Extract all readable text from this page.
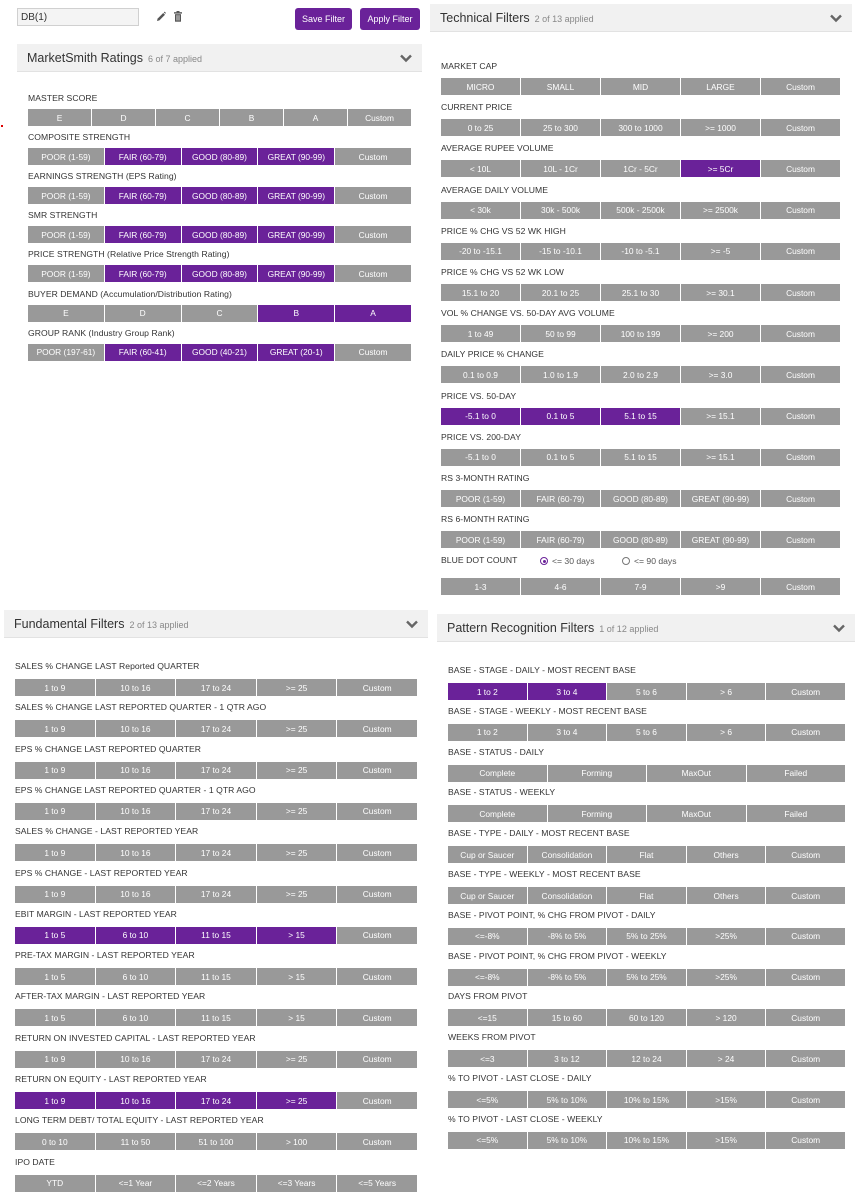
DB(1)
Save Filter	Apply Filter
MarketSmith Ratings 6 of 7 applied
MASTER SCORE
E	D	C	B	A	Custom
COMPOSITE STRENGTH
POOR (1-59)	FAIR (60-79)	GOOD (80-89)	GREAT (90-99)	Custom
EARNINGS STRENGTH (EPS Rating)
POOR (1-59)	FAIR (60-79)	GOOD (80-89)	GREAT (90-99)	Custom
SMR STRENGTH
POOR (1-59)	FAIR (60-79)	GOOD (80-89)	GREAT (90-99)	Custom
PRICE STRENGTH (Relative Price Strength Rating)
POOR (1-59)	FAIR (60-79)	GOOD (80-89)	GREAT (90-99)	Custom
BUYER DEMAND (Accumulation/Distribution Rating)
E	D	C	B	A
GROUP RANK (Industry Group Rank)
POOR (197-61)	FAIR (60-41)	GOOD (40-21)	GREAT (20-1)	Custom
Technical Filters 2 of 13 applied
MARKET CAP
MICRO	SMALL	MID	LARGE	Custom
CURRENT PRICE
0 to 25	25 to 300	300 to 1000	>= 1000	Custom
AVERAGE RUPEE VOLUME
< 10L	10L - 1Cr	1Cr - 5Cr	>= 5Cr	Custom
AVERAGE DAILY VOLUME
< 30k	30k - 500k	500k - 2500k	>= 2500k	Custom
PRICE % CHG VS 52 WK HIGH
-20 to -15.1	-15 to -10.1	-10 to -5.1	>= -5	Custom
PRICE % CHG VS 52 WK LOW
15.1 to 20	20.1 to 25	25.1 to 30	>= 30.1	Custom
VOL % CHANGE VS. 50-DAY AVG VOLUME
1 to 49	50 to 99	100 to 199	>= 200	Custom
DAILY PRICE % CHANGE
0.1 to 0.9	1.0 to 1.9	2.0 to 2.9	>= 3.0	Custom
PRICE VS. 50-DAY
-5.1 to 0	0.1 to 5	5.1 to 15	>= 15.1	Custom
PRICE VS. 200-DAY
-5.1 to 0	0.1 to 5	5.1 to 15	>= 15.1	Custom
RS 3-MONTH RATING
POOR (1-59)	FAIR (60-79)	GOOD (80-89)	GREAT (90-99)	Custom
RS 6-MONTH RATING
POOR (1-59)	FAIR (60-79)	GOOD (80-89)	GREAT (90-99)	Custom
BLUE DOT COUNT	<= 30 days	<= 90 days
1-3	4-6	7-9	>9	Custom
Fundamental Filters 2 of 13 applied
SALES % CHANGE LAST Reported QUARTER
1 to 9	10 to 16	17 to 24	>= 25	Custom
SALES % CHANGE LAST REPORTED QUARTER - 1 QTR AGO
1 to 9	10 to 16	17 to 24	>= 25	Custom
EPS % CHANGE LAST REPORTED QUARTER
1 to 9	10 to 16	17 to 24	>= 25	Custom
EPS % CHANGE LAST REPORTED QUARTER - 1 QTR AGO
1 to 9	10 to 16	17 to 24	>= 25	Custom
SALES % CHANGE - LAST REPORTED YEAR
1 to 9	10 to 16	17 to 24	>= 25	Custom
EPS % CHANGE - LAST REPORTED YEAR
1 to 9	10 to 16	17 to 24	>= 25	Custom
EBIT MARGIN - LAST REPORTED YEAR
1 to 5	6 to 10	11 to 15	> 15	Custom
PRE-TAX MARGIN - LAST REPORTED YEAR
1 to 5	6 to 10	11 to 15	> 15	Custom
AFTER-TAX MARGIN - LAST REPORTED YEAR
1 to 5	6 to 10	11 to 15	> 15	Custom
RETURN ON INVESTED CAPITAL - LAST REPORTED YEAR
1 to 9	10 to 16	17 to 24	>= 25	Custom
RETURN ON EQUITY - LAST REPORTED YEAR
1 to 9	10 to 16	17 to 24	>= 25	Custom
LONG TERM DEBT/ TOTAL EQUITY - LAST REPORTED YEAR
0 to 10	11 to 50	51 to 100	> 100	Custom
IPO DATE
YTD	<=1 Year	<=2 Years	<=3 Years	<=5 Years
Pattern Recognition Filters 1 of 12 applied
BASE - STAGE - DAILY - MOST RECENT BASE
1 to 2	3 to 4	5 to 6	> 6	Custom
BASE - STAGE - WEEKLY - MOST RECENT BASE
1 to 2	3 to 4	5 to 6	> 6	Custom
BASE - STATUS - DAILY
Complete	Forming	MaxOut	Failed
BASE - STATUS - WEEKLY
Complete	Forming	MaxOut	Failed
BASE - TYPE - DAILY - MOST RECENT BASE
Cup or Saucer	Consolidation	Flat	Others	Custom
BASE - TYPE - WEEKLY - MOST RECENT BASE
Cup or Saucer	Consolidation	Flat	Others	Custom
BASE - PIVOT POINT, % CHG FROM PIVOT - DAILY
<=-8%	-8% to 5%	5% to 25%	>25%	Custom
BASE - PIVOT POINT, % CHG FROM PIVOT - WEEKLY
<=-8%	-8% to 5%	5% to 25%	>25%	Custom
DAYS FROM PIVOT
<=15	15 to 60	60 to 120	> 120	Custom
WEEKS FROM PIVOT
<=3	3 to 12	12 to 24	> 24	Custom
% TO PIVOT - LAST CLOSE - DAILY
<=5%	5% to 10%	10% to 15%	>15%	Custom
% TO PIVOT - LAST CLOSE - WEEKLY
<=5%	5% to 10%	10% to 15%	>15%	Custom
